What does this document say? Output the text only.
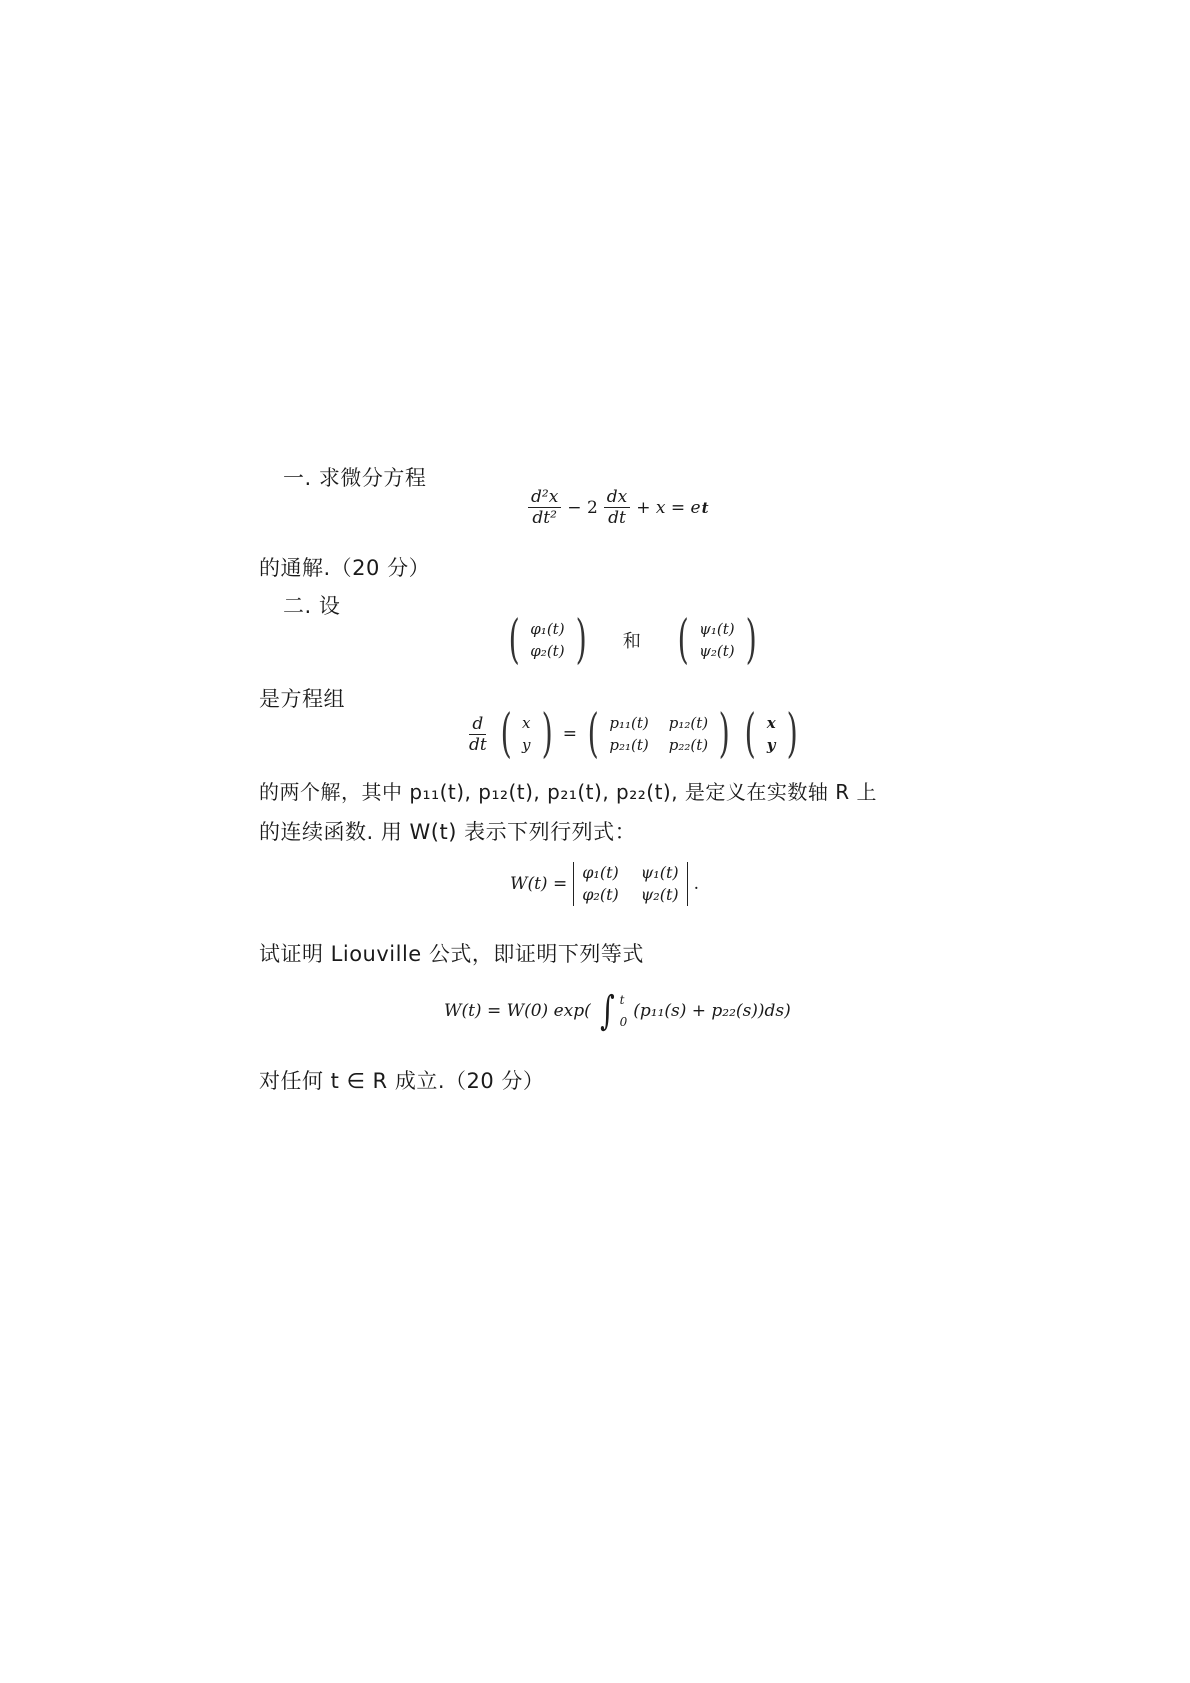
一. 求微分方程
$\frac{\text{d²x}}{\text{dt²}} - 2 \frac{dx}{dt} + x = e$ t
的通解.（20 分）
二. 设
( φ₁(t)
φ₂(t) ) 和 ( ψ₁(t)
ψ₂(t) )
是方程组
$\frac{d}{dt}$ ( x
y ) = ( p₁₁(t) p₁₂(t)
p₂₁(t) p₂₂(t) ) ( x
y )
的两个解，其中 p₁₁(t), p₁₂(t), p₂₁(t), p₂₂(t), 是定义在实数轴 R 上
的连续函数. 用 W(t) 表示下列行列式：
W(t) =
φ₁(t) ψ₁(t)
φ₂(t) ψ₂(t)
.
试证明 Liouville 公式，即证明下列等式
W(t) = W(0) exp( ∫ t
0
(p₁₁(s) + p₂₂(s))ds)
对任何 t ∈ R 成立.（20 分）
